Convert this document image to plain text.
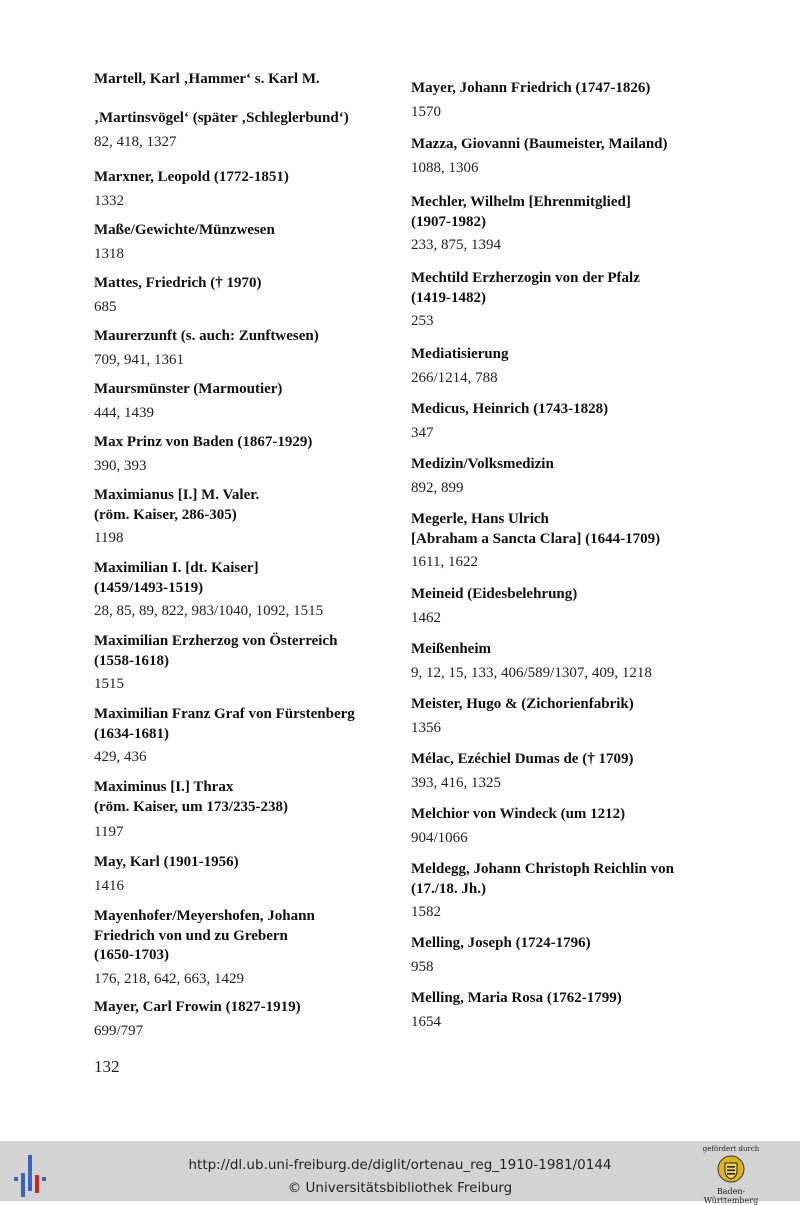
Martell, Karl ‚Hammer‘ s. Karl M.
‚Martinsvögel‘ (später ‚Schleglerbund‘)
82, 418, 1327
Marxner, Leopold (1772-1851)
1332
Maße/Gewichte/Münzwesen
1318
Mattes, Friedrich († 1970)
685
Maurerzunft (s. auch: Zunftwesen)
709, 941, 1361
Maursmünster (Marmoutier)
444, 1439
Max Prinz von Baden (1867-1929)
390, 393
Maximianus [I.] M. Valer.
(röm. Kaiser, 286-305)
1198
Maximilian I. [dt. Kaiser]
(1459/1493-1519)
28, 85, 89, 822, 983/1040, 1092, 1515
Maximilian Erzherzog von Österreich
(1558-1618)
1515
Maximilian Franz Graf von Fürstenberg
(1634-1681)
429, 436
Maximinus [I.] Thrax
(röm. Kaiser, um 173/235-238)
1197
May, Karl (1901-1956)
1416
Mayenhofer/Meyershofen, Johann
Friedrich von und zu Grebern
(1650-1703)
176, 218, 642, 663, 1429
Mayer, Carl Frowin (1827-1919)
699/797
Mayer, Johann Friedrich (1747-1826)
1570
Mazza, Giovanni (Baumeister, Mailand)
1088, 1306
Mechler, Wilhelm [Ehrenmitglied]
(1907-1982)
233, 875, 1394
Mechtild Erzherzogin von der Pfalz
(1419-1482)
253
Mediatisierung
266/1214, 788
Medicus, Heinrich (1743-1828)
347
Medizin/Volksmedizin
892, 899
Megerle, Hans Ulrich
[Abraham a Sancta Clara] (1644-1709)
1611, 1622
Meineid (Eidesbelehrung)
1462
Meißenheim
9, 12, 15, 133, 406/589/1307, 409, 1218
Meister, Hugo & (Zichorienfabrik)
1356
Mélac, Ezéchiel Dumas de († 1709)
393, 416, 1325
Melchior von Windeck (um 1212)
904/1066
Meldegg, Johann Christoph Reichlin von
(17./18. Jh.)
1582
Melling, Joseph (1724-1796)
958
Melling, Maria Rosa (1762-1799)
1654
132
http://dl.ub.uni-freiburg.de/diglit/ortenau_reg_1910-1981/0144
© Universitätsbibliothek Freiburg
gefördert durch
Baden-Württemberg
